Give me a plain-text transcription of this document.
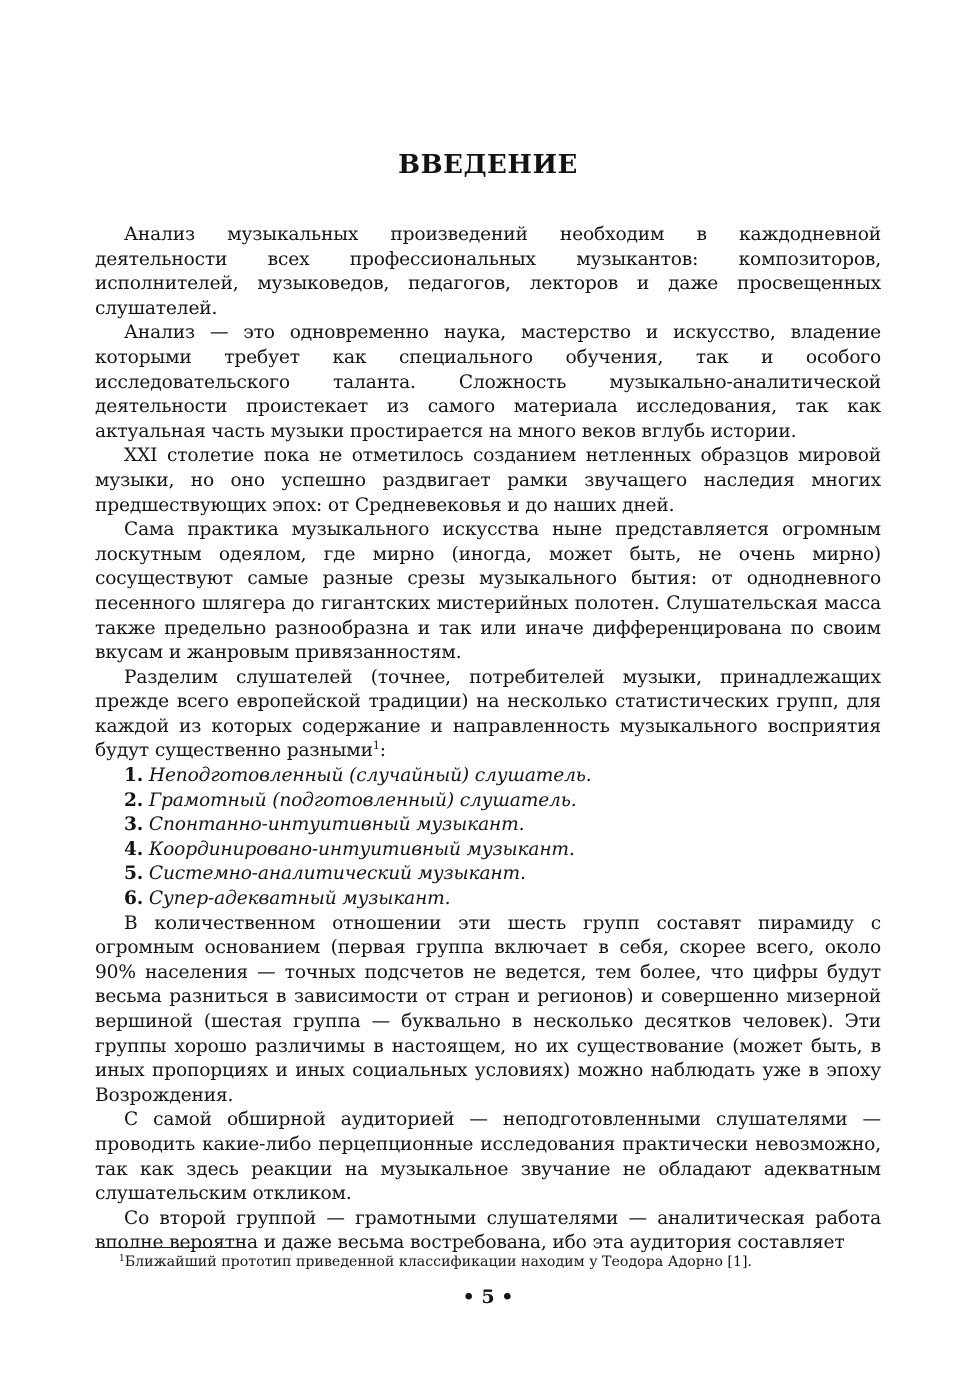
ВВЕДЕНИЕ

Анализ музыкальных произведений необходим в каждодневной деятельности всех профессиональных музыкантов: композиторов, исполнителей, музыковедов, педагогов, лекторов и даже просвещенных слушателей.

Анализ — это одновременно наука, мастерство и искусство, владение которыми требует как специального обучения, так и особого исследовательского таланта. Сложность музыкально-аналитической деятельности проистекает из самого материала исследования, так как актуальная часть музыки простирается на много веков вглубь истории.

XXI столетие пока не отметилось созданием нетленных образцов мировой музыки, но оно успешно раздвигает рамки звучащего наследия многих предшествующих эпох: от Средневековья и до наших дней.

Сама практика музыкального искусства ныне представляется огромным лоскутным одеялом, где мирно (иногда, может быть, не очень мирно) сосуществуют самые разные срезы музыкального бытия: от однодневного песенного шлягера до гигантских мистерийных полотен. Слушательская масса также предельно разнообразна и так или иначе дифференцирована по своим вкусам и жанровым привязанностям.

Разделим слушателей (точнее, потребителей музыки, принадлежащих прежде всего европейской традиции) на несколько статистических групп, для каждой из которых содержание и направленность музыкального восприятия будут существенно разными$^1$:

1. Неподготовленный (случайный) слушатель.
2. Грамотный (подготовленный) слушатель.
3. Спонтанно-интуитивный музыкант.
4. Координировано-интуитивный музыкант.
5. Системно-аналитический музыкант.
6. Супер-адекватный музыкант.

В количественном отношении эти шесть групп составят пирамиду с огромным основанием (первая группа включает в себя, скорее всего, около 90% населения — точных подсчетов не ведется, тем более, что цифры будут весьма разниться в зависимости от стран и регионов) и совершенно мизерной вершиной (шестая группа — буквально в несколько десятков человек). Эти группы хорошо различимы в настоящем, но их существование (может быть, в иных пропорциях и иных социальных условиях) можно наблюдать уже в эпоху Возрождения.

С самой обширной аудиторией — неподготовленными слушателями — проводить какие-либо перцепционные исследования практически невозможно, так как здесь реакции на музыкальное звучание не обладают адекватным слушательским откликом.

Со второй группой — грамотными слушателями — аналитическая работа вполне вероятна и даже весьма востребована, ибо эта аудитория составляет

$^1$Ближайший прототип приведенной классификации находим у Теодора Адорно [1].
• 5 •
